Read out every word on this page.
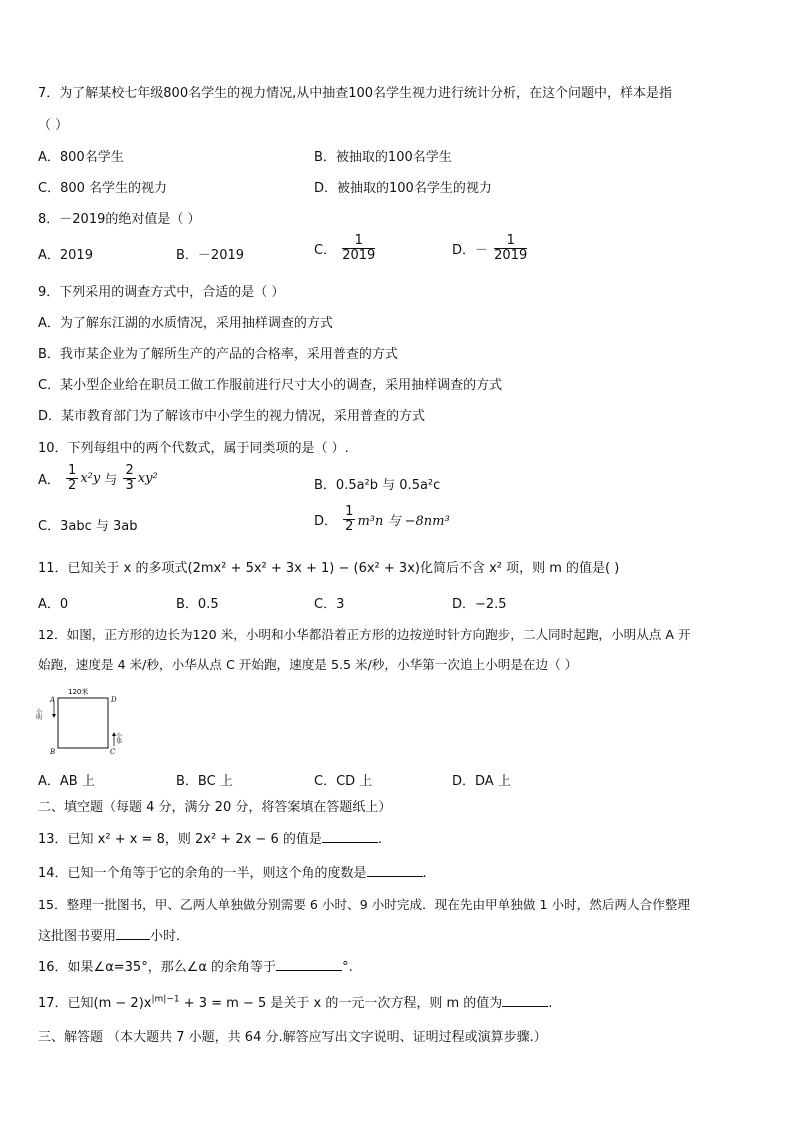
7．为了解某校七年级800名学生的视力情况,从中抽查100名学生视力进行统计分析，在这个问题中，样本是指
（ ）
A．800名学生	B．被抽取的100名学生
C．800 名学生的视力	D．被抽取的100名学生的视力
8．－2019的绝对值是（ ）
A．2019	B．－2019	C． $\frac{1}{2019}$	D．－ $\frac{1}{2019}$
9．下列采用的调查方式中，合适的是（ ）
A．为了解东江湖的水质情况，采用抽样调查的方式
B．我市某企业为了解所生产的产品的合格率，采用普查的方式
C．某小型企业给在职员工做工作服前进行尺寸大小的调查，采用抽样调查的方式
D．某市教育部门为了解该市中小学生的视力情况，采用普查的方式
10．下列每组中的两个代数式，属于同类项的是（ ）.
A． $\frac{1}{2} x^2y$ 与 $\frac{2}{3} xy^2$	B．0.5a²b 与 0.5a²c
C．3abc 与 3ab	D． $\frac{1}{2} m^3n$ 与 −8nm³
11．已知关于 x 的多项式(2mx² + 5x² + 3x + 1) − (6x² + 3x)化简后不含 x² 项，则 m 的值是( )
A．0	B．0.5	C．3	D．−2.5
12．如图，正方形的边长为120 米，小明和小华都沿着正方形的边按逆时针方向跑步，二人同时起跑，小明从点 A 开
始跑，速度是 4 米/秒，小华从点 C 开始跑，速度是 5.5 米/秒，小华第一次追上小明是在边（ ）
120米
A
B	C
D
小明
小华
A．AB 上	B．BC 上	C．CD 上	D．DA 上
二、填空题（每题 4 分，满分 20 分，将答案填在答题纸上）
13．已知 x² + x = 8，则 2x² + 2x − 6 的值是	.
14．已知一个角等于它的余角的一半，则这个角的度数是	.
15．整理一批图书，甲、乙两人单独做分别需要 6 小时、9 小时完成．现在先由甲单独做 1 小时，然后两人合作整理
这批图书要用	小时．
16．如果∠α=35°，那么∠α 的余角等于	°.
17．已知$(m - 2)x^{|m|-1} + 3 = m - 5$ 是关于 x 的一元一次方程，则 m 的值为	.
三、解答题 （本大题共 7 小题，共 64 分.解答应写出文字说明、证明过程或演算步骤.）
